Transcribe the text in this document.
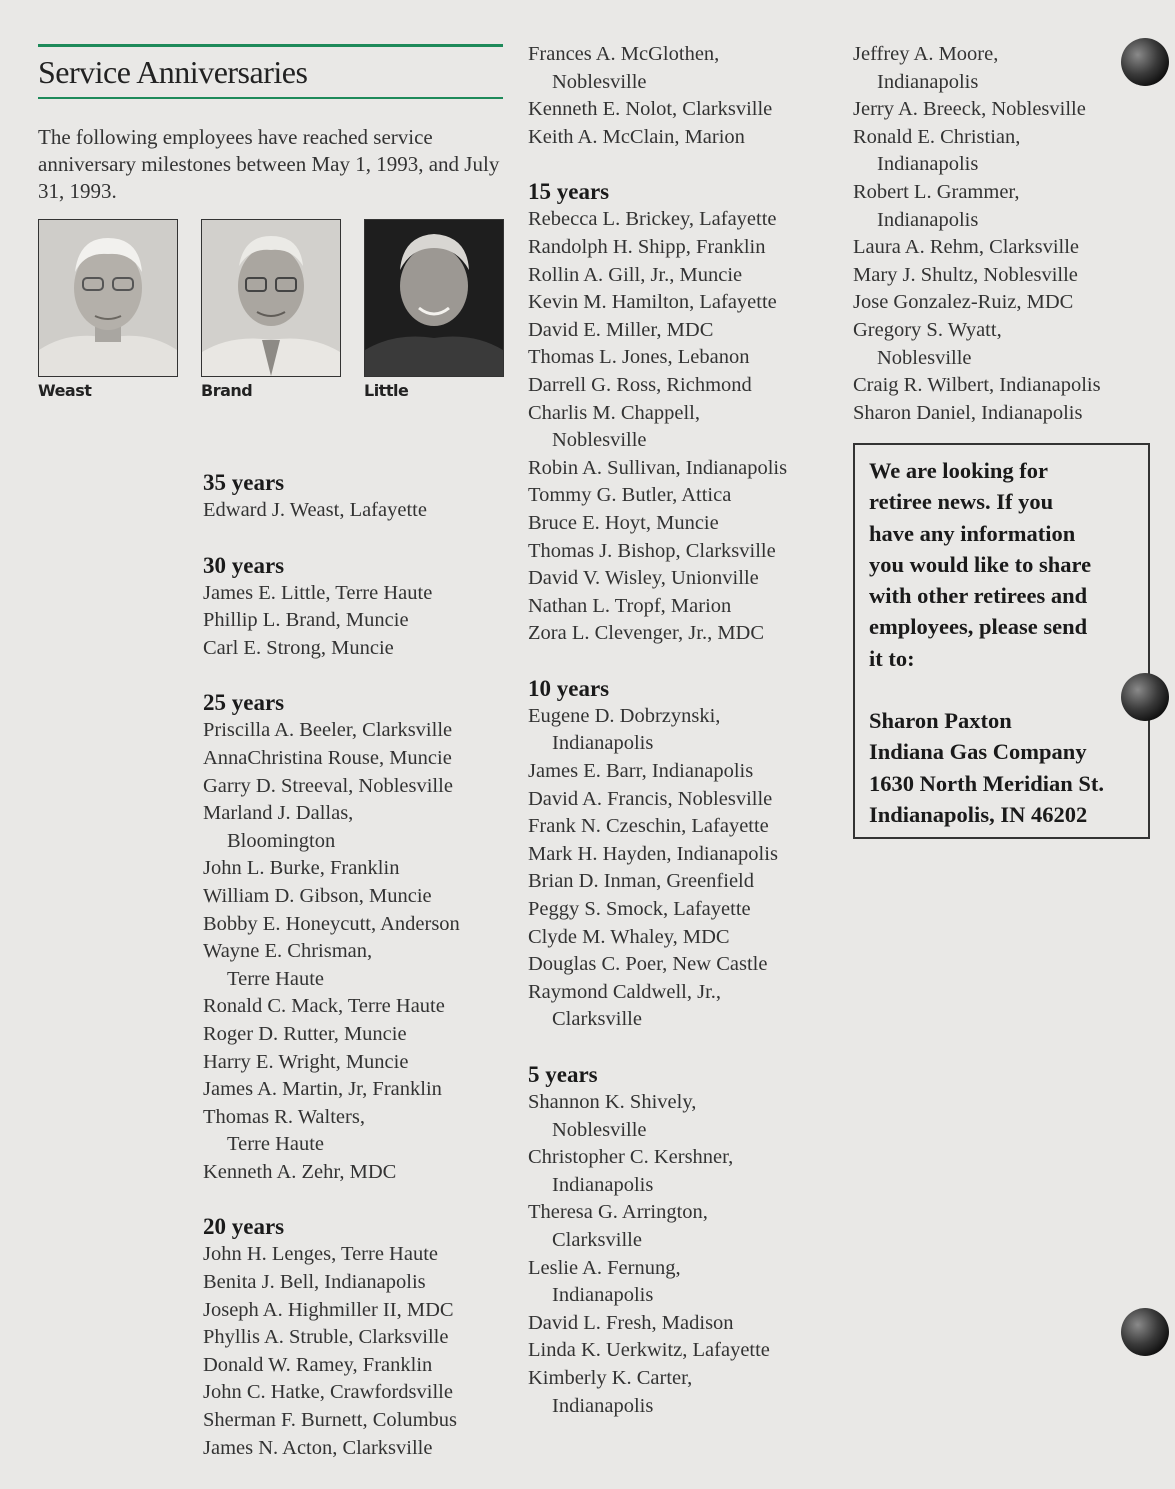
Service Anniversaries
The following employees have reached service anniversary milestones between May 1, 1993, and July 31, 1993.
Weast	Brand	Little
35 years
Edward J. Weast, Lafayette
30 years
James E. Little, Terre Haute
Phillip L. Brand, Muncie
Carl E. Strong, Muncie
25 years
Priscilla A. Beeler, Clarksville
AnnaChristina Rouse, Muncie
Garry D. Streeval, Noblesville
Marland J. Dallas,
Bloomington
John L. Burke, Franklin
William D. Gibson, Muncie
Bobby E. Honeycutt, Anderson
Wayne E. Chrisman,
Terre Haute
Ronald C. Mack, Terre Haute
Roger D. Rutter, Muncie
Harry E. Wright, Muncie
James A. Martin, Jr, Franklin
Thomas R. Walters,
Terre Haute
Kenneth A. Zehr, MDC
20 years
John H. Lenges, Terre Haute
Benita J. Bell, Indianapolis
Joseph A. Highmiller II, MDC
Phyllis A. Struble, Clarksville
Donald W. Ramey, Franklin
John C. Hatke, Crawfordsville
Sherman F. Burnett, Columbus
James N. Acton, Clarksville
Frances A. McGlothen,
Noblesville
Kenneth E. Nolot, Clarksville
Keith A. McClain, Marion
15 years
Rebecca L. Brickey, Lafayette
Randolph H. Shipp, Franklin
Rollin A. Gill, Jr., Muncie
Kevin M. Hamilton, Lafayette
David E. Miller, MDC
Thomas L. Jones, Lebanon
Darrell G. Ross, Richmond
Charlis M. Chappell,
Noblesville
Robin A. Sullivan, Indianapolis
Tommy G. Butler, Attica
Bruce E. Hoyt, Muncie
Thomas J. Bishop, Clarksville
David V. Wisley, Unionville
Nathan L. Tropf, Marion
Zora L. Clevenger, Jr., MDC
10 years
Eugene D. Dobrzynski,
Indianapolis
James E. Barr, Indianapolis
David A. Francis, Noblesville
Frank N. Czeschin, Lafayette
Mark H. Hayden, Indianapolis
Brian D. Inman, Greenfield
Peggy S. Smock, Lafayette
Clyde M. Whaley, MDC
Douglas C. Poer, New Castle
Raymond Caldwell, Jr.,
Clarksville
5 years
Shannon K. Shively,
Noblesville
Christopher C. Kershner,
Indianapolis
Theresa G. Arrington,
Clarksville
Leslie A. Fernung,
Indianapolis
David L. Fresh, Madison
Linda K. Uerkwitz, Lafayette
Kimberly K. Carter,
Indianapolis
Jeffrey A. Moore,
Indianapolis
Jerry A. Breeck, Noblesville
Ronald E. Christian,
Indianapolis
Robert L. Grammer,
Indianapolis
Laura A. Rehm, Clarksville
Mary J. Shultz, Noblesville
Jose Gonzalez-Ruiz, MDC
Gregory S. Wyatt,
Noblesville
Craig R. Wilbert, Indianapolis
Sharon Daniel, Indianapolis
We are looking for
retiree news. If you
have any information
you would like to share
with other retirees and
employees, please send
it to:
Sharon Paxton
Indiana Gas Company
1630 North Meridian St.
Indianapolis, IN 46202
